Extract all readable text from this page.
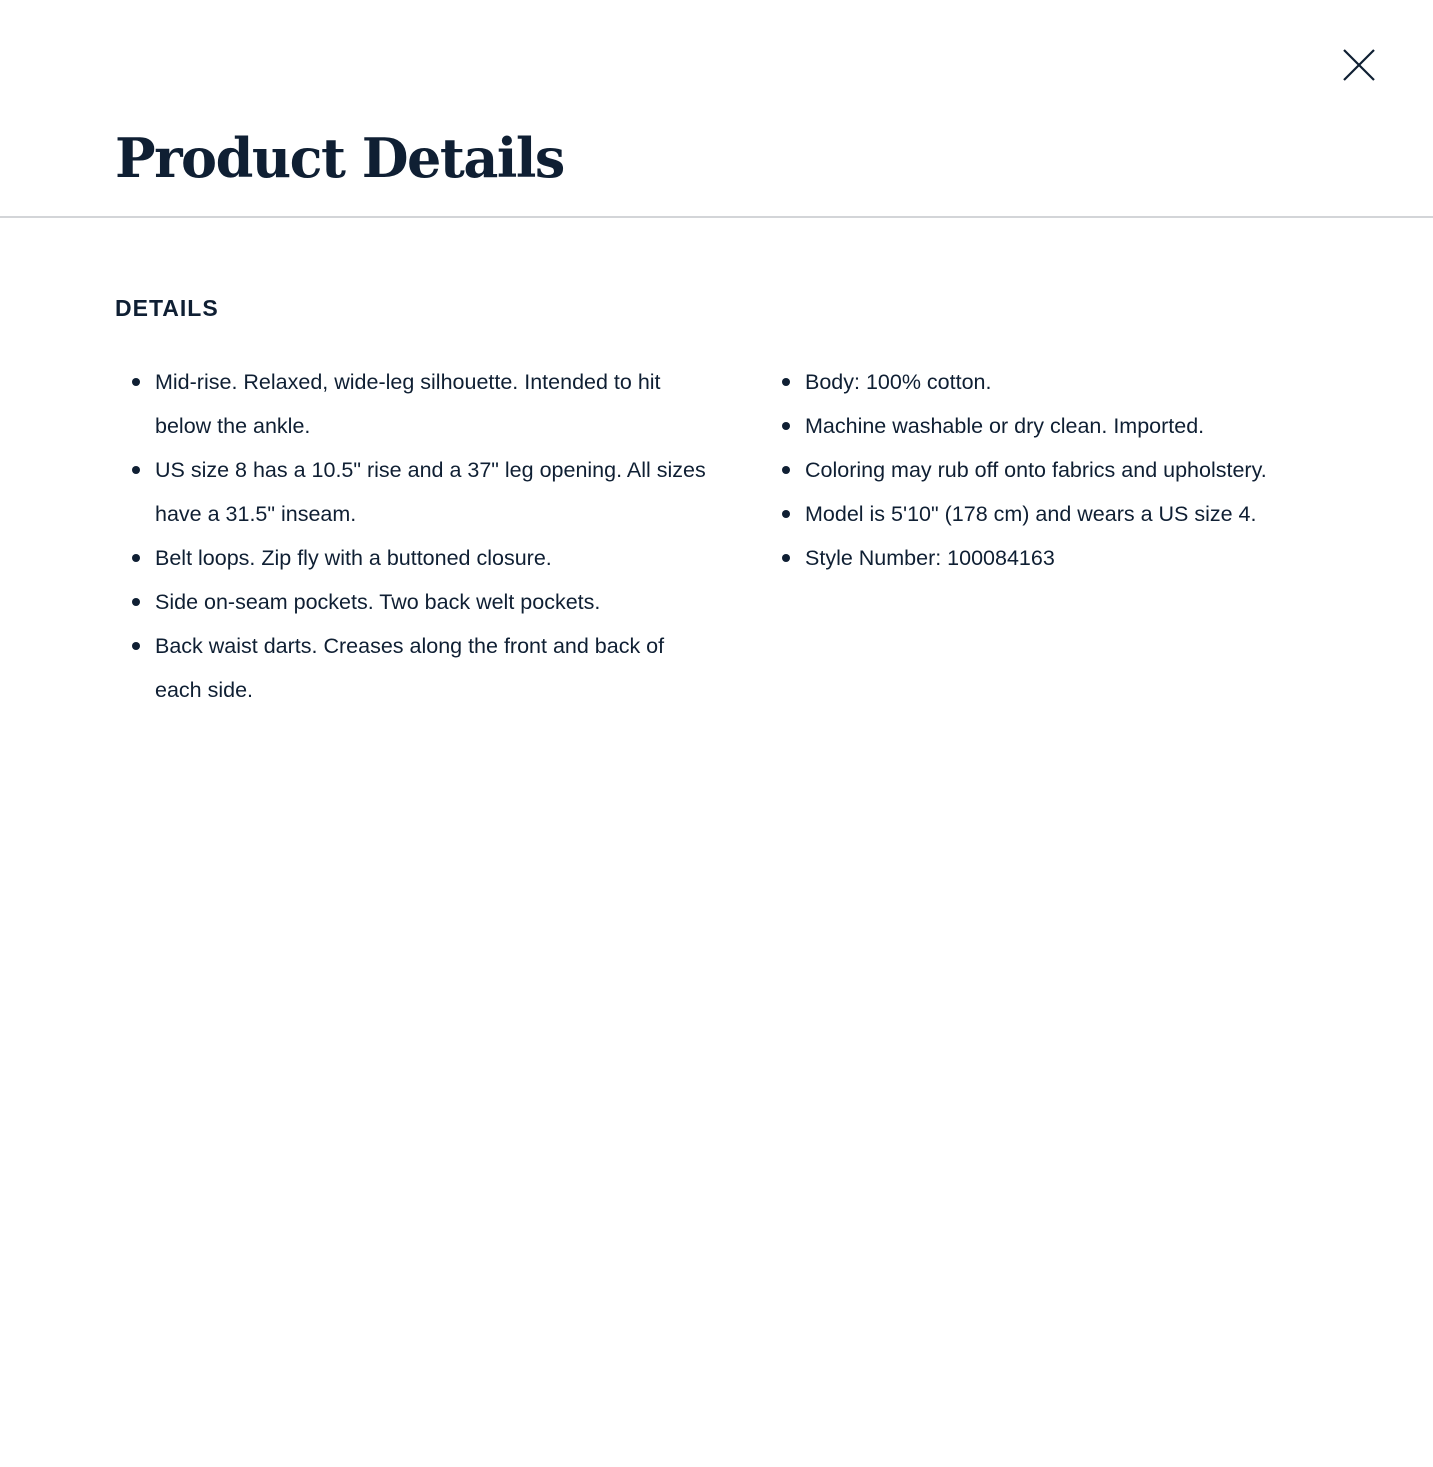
Product Details
DETAILS
Mid-rise. Relaxed, wide-leg silhouette. Intended to hit below the ankle.
US size 8 has a 10.5" rise and a 37" leg opening. All sizes have a 31.5" inseam.
Belt loops. Zip fly with a buttoned closure.
Side on-seam pockets. Two back welt pockets.
Back waist darts. Creases along the front and back of each side.
Body: 100% cotton.
Machine washable or dry clean. Imported.
Coloring may rub off onto fabrics and upholstery.
Model is 5'10" (178 cm) and wears a US size 4.
Style Number: 100084163
